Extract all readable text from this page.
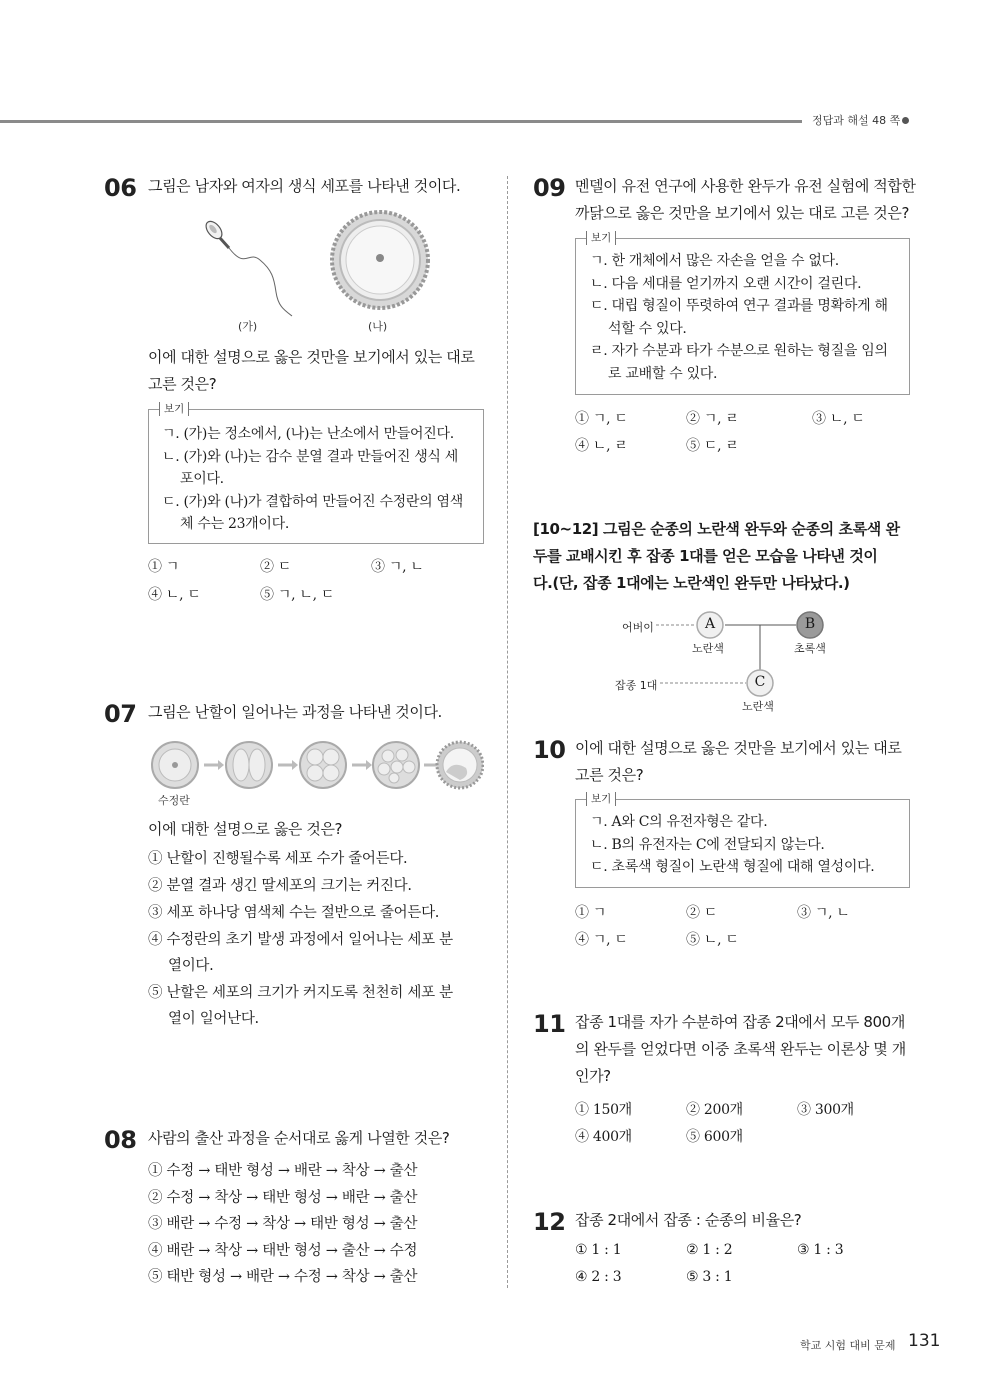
정답과 해설 48 쪽
06 그림은 남자와 여자의 생식 세포를 나타낸 것이다.
(가)	(나)
이에 대한 설명으로 옳은 것만을 보기에서 있는 대로
고른 것은?
보기
ㄱ. (가)는 정소에서, (나)는 난소에서 만들어진다.
ㄴ. (가)와 (나)는 감수 분열 결과 만들어진 생식 세포이다.
ㄷ. (가)와 (나)가 결합하여 만들어진 수정란의 염색체 수는 23개이다.
① ㄱ	② ㄷ	③ ㄱ, ㄴ
④ ㄴ, ㄷ	⑤ ㄱ, ㄴ, ㄷ
07 그림은 난할이 일어나는 과정을 나타낸 것이다.
수정란
이에 대한 설명으로 옳은 것은?
① 난할이 진행될수록 세포 수가 줄어든다.
② 분열 결과 생긴 딸세포의 크기는 커진다.
③ 세포 하나당 염색체 수는 절반으로 줄어든다.
④ 수정란의 초기 발생 과정에서 일어나는 세포 분
열이다.
⑤ 난할은 세포의 크기가 커지도록 천천히 세포 분
열이 일어난다.
08 사람의 출산 과정을 순서대로 옳게 나열한 것은?
① 수정 → 태반 형성 → 배란 → 착상 → 출산
② 수정 → 착상 → 태반 형성 → 배란 → 출산
③ 배란 → 수정 → 착상 → 태반 형성 → 출산
④ 배란 → 착상 → 태반 형성 → 출산 → 수정
⑤ 태반 형성 → 배란 → 수정 → 착상 → 출산
09 멘델이 유전 연구에 사용한 완두가 유전 실험에 적합한
까닭으로 옳은 것만을 보기에서 있는 대로 고른 것은?
보기
ㄱ. 한 개체에서 많은 자손을 얻을 수 없다.
ㄴ. 다음 세대를 얻기까지 오랜 시간이 걸린다.
ㄷ. 대립 형질이 뚜렷하여 연구 결과를 명확하게 해석할 수 있다.
ㄹ. 자가 수분과 타가 수분으로 원하는 형질을 임의로 교배할 수 있다.
① ㄱ, ㄷ	② ㄱ, ㄹ	③ ㄴ, ㄷ
④ ㄴ, ㄹ	⑤ ㄷ, ㄹ
[10~12] 그림은 순종의 노란색 완두와 순종의 초록색 완
두를 교배시킨 후 잡종 1대를 얻은 모습을 나타낸 것이
다.(단, 잡종 1대에는 노란색인 완두만 나타났다.)
A	B
C
어버이
잡종 1대
노란색	초록색
노란색
10 이에 대한 설명으로 옳은 것만을 보기에서 있는 대로
고른 것은?
보기
ㄱ. A와 C의 유전자형은 같다.
ㄴ. B의 유전자는 C에 전달되지 않는다.
ㄷ. 초록색 형질이 노란색 형질에 대해 열성이다.
① ㄱ	② ㄷ	③ ㄱ, ㄴ
④ ㄱ, ㄷ	⑤ ㄴ, ㄷ
11 잡종 1대를 자가 수분하여 잡종 2대에서 모두 800개
의 완두를 얻었다면 이중 초록색 완두는 이론상 몇 개
인가?
① 150개	② 200개	③ 300개
④ 400개	⑤ 600개
12 잡종 2대에서 잡종 : 순종의 비율은?
① 1 : 1	② 1 : 2	③ 1 : 3
④ 2 : 3	⑤ 3 : 1
학교 시험 대비 문제 131
